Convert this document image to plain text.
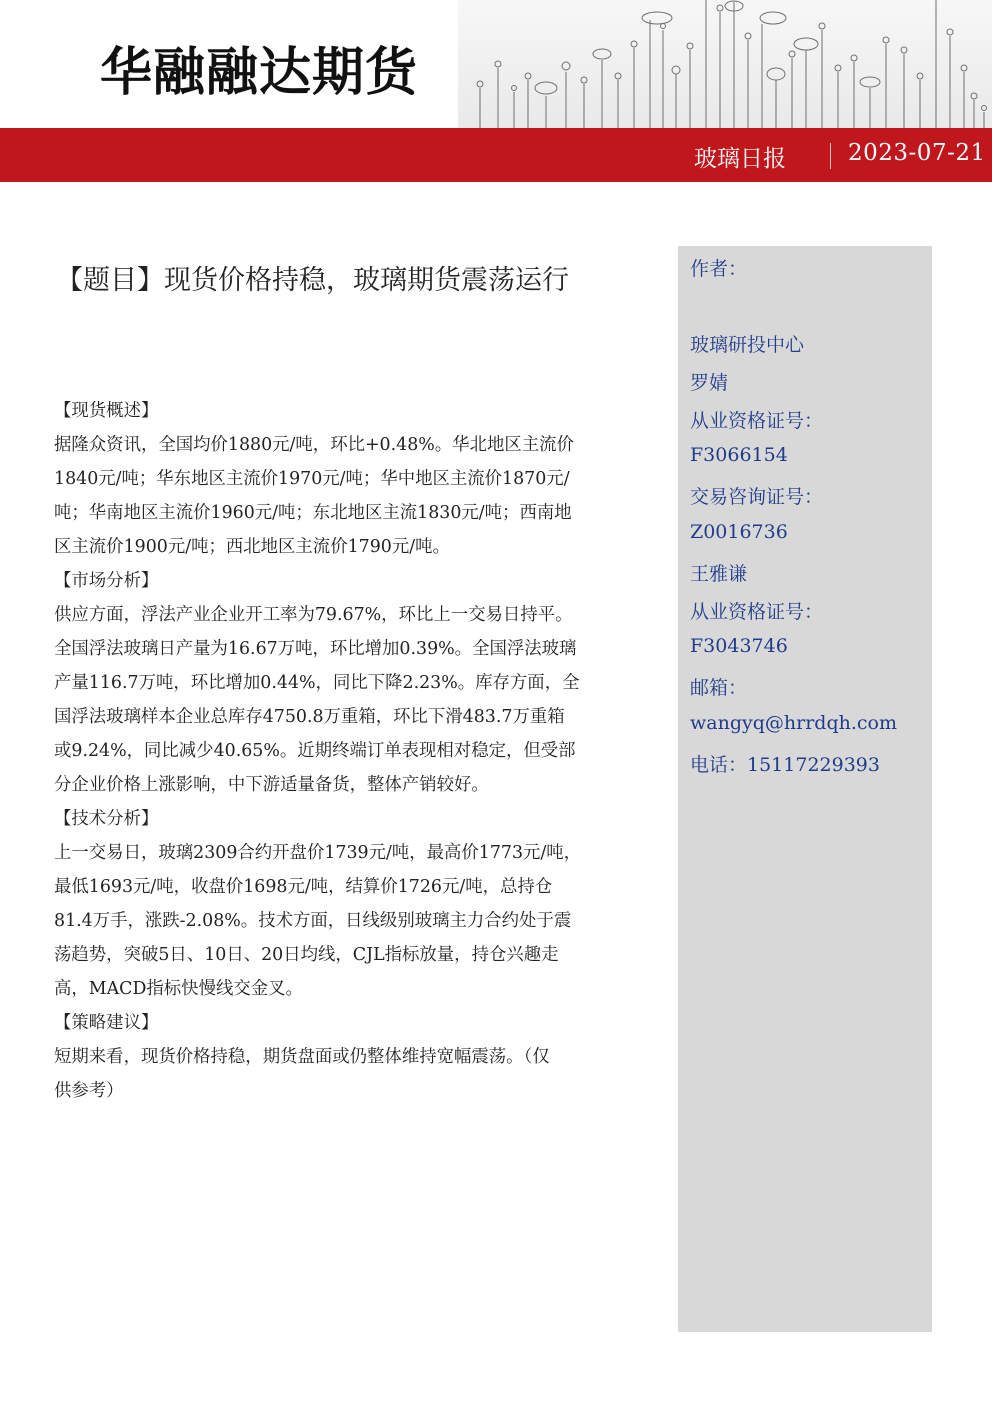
华融融达期货
玻璃日报	2023-07-21
【题目】现货价格持稳，玻璃期货震荡运行
【现货概述】
据隆众资讯，全国均价1880元/吨，环比+0.48%。华北地区主流价
1840元/吨；华东地区主流价1970元/吨；华中地区主流价1870元/
吨；华南地区主流价1960元/吨；东北地区主流1830元/吨；西南地
区主流价1900元/吨；西北地区主流价1790元/吨。
【市场分析】
供应方面，浮法产业企业开工率为79.67%，环比上一交易日持平。
全国浮法玻璃日产量为16.67万吨，环比增加0.39%。全国浮法玻璃
产量116.7万吨，环比增加0.44%，同比下降2.23%。库存方面，全
国浮法玻璃样本企业总库存4750.8万重箱，环比下滑483.7万重箱
或9.24%，同比减少40.65%。近期终端订单表现相对稳定，但受部
分企业价格上涨影响，中下游适量备货，整体产销较好。
【技术分析】
上一交易日，玻璃2309合约开盘价1739元/吨，最高价1773元/吨，
最低1693元/吨，收盘价1698元/吨，结算价1726元/吨，总持仓
81.4万手，涨跌-2.08%。技术方面，日线级别玻璃主力合约处于震
荡趋势，突破5日、10日、20日均线，CJL指标放量，持仓兴趣走
高，MACD指标快慢线交金叉。
【策略建议】
短期来看，现货价格持稳，期货盘面或仍整体维持宽幅震荡。（仅
供参考）
作者：
玻璃研投中心
罗婧
从业资格证号：
F3066154
交易咨询证号：
Z0016736
王雅谦
从业资格证号：
F3043746
邮箱：
wangyq@hrrdqh.com
电话：15117229393
